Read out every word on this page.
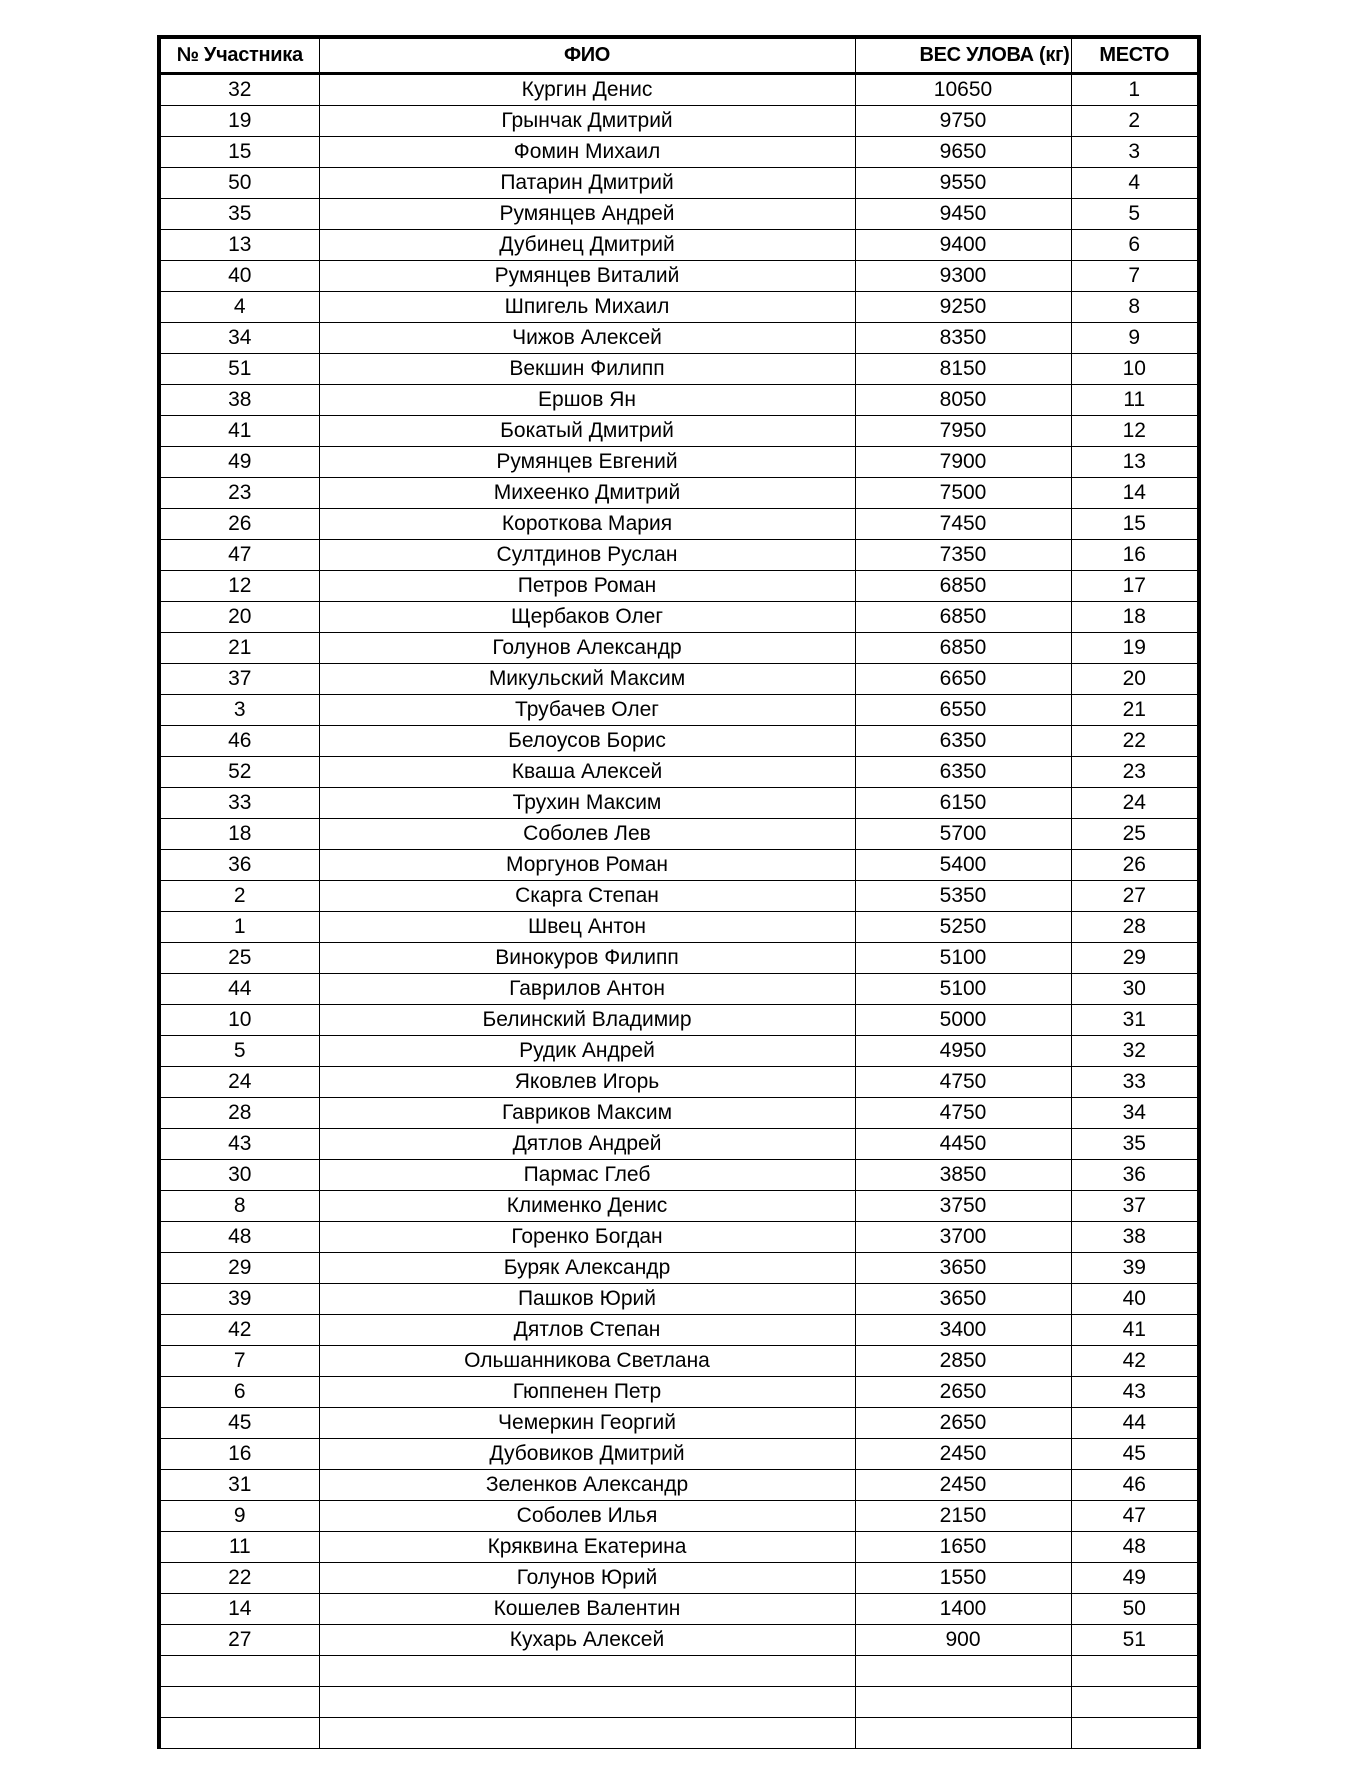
№ Участника	ФИО	ВЕС УЛОВА (кг)	МЕСТО
32	Кургин Денис	10650	1
19	Грынчак Дмитрий	9750	2
15	Фомин Михаил	9650	3
50	Патарин Дмитрий	9550	4
35	Румянцев Андрей	9450	5
13	Дубинец Дмитрий	9400	6
40	Румянцев Виталий	9300	7
4	Шпигель Михаил	9250	8
34	Чижов Алексей	8350	9
51	Векшин Филипп	8150	10
38	Ершов Ян	8050	11
41	Бокатый Дмитрий	7950	12
49	Румянцев Евгений	7900	13
23	Михеенко Дмитрий	7500	14
26	Короткова Мария	7450	15
47	Султдинов Руслан	7350	16
12	Петров Роман	6850	17
20	Щербаков Олег	6850	18
21	Голунов Александр	6850	19
37	Микульский Максим	6650	20
3	Трубачев Олег	6550	21
46	Белоусов Борис	6350	22
52	Кваша Алексей	6350	23
33	Трухин Максим	6150	24
18	Соболев Лев	5700	25
36	Моргунов Роман	5400	26
2	Скарга Степан	5350	27
1	Швец Антон	5250	28
25	Винокуров Филипп	5100	29
44	Гаврилов Антон	5100	30
10	Белинский Владимир	5000	31
5	Рудик Андрей	4950	32
24	Яковлев Игорь	4750	33
28	Гавриков Максим	4750	34
43	Дятлов Андрей	4450	35
30	Пармас Глеб	3850	36
8	Клименко Денис	3750	37
48	Горенко Богдан	3700	38
29	Буряк Александр	3650	39
39	Пашков Юрий	3650	40
42	Дятлов Степан	3400	41
7	Ольшанникова Светлана	2850	42
6	Гюппенен Петр	2650	43
45	Чемеркин Георгий	2650	44
16	Дубовиков Дмитрий	2450	45
31	Зеленков Александр	2450	46
9	Соболев Илья	2150	47
11	Кряквина Екатерина	1650	48
22	Голунов Юрий	1550	49
14	Кошелев Валентин	1400	50
27	Кухарь Алексей	900	51
